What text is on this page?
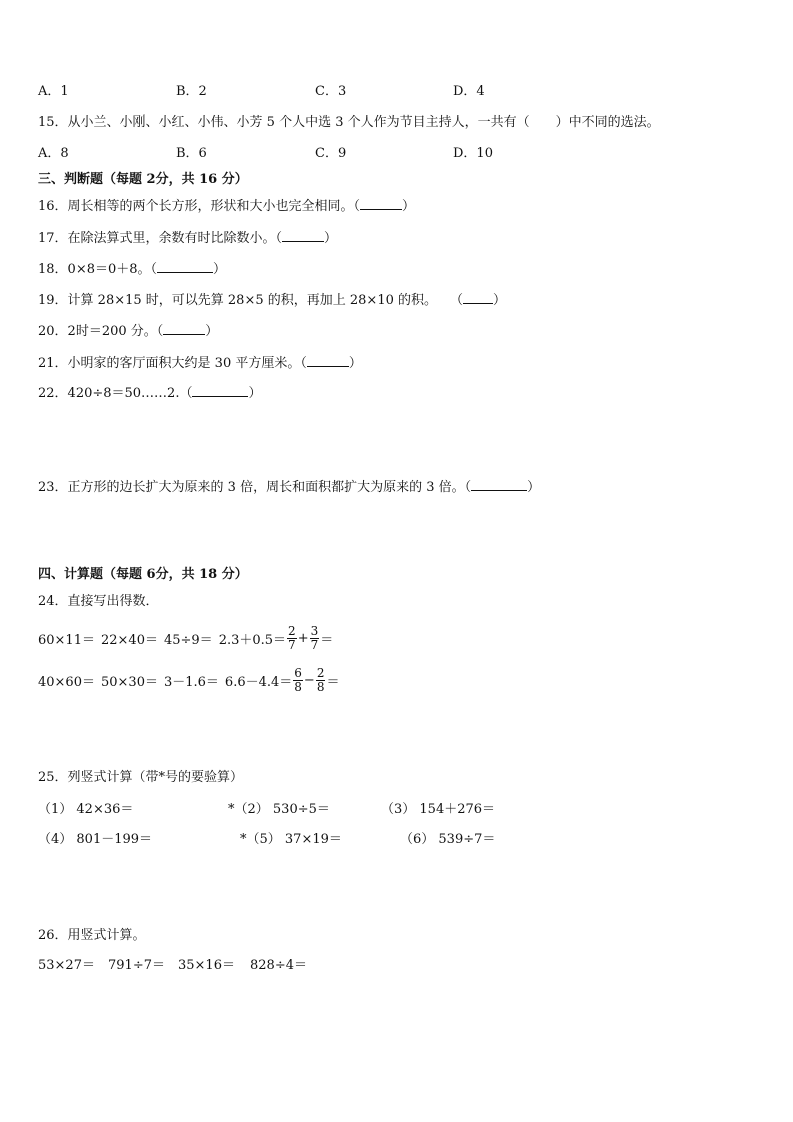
A．1	B．2	C．3	D．4
15．从小兰、小刚、小红、小伟、小芳 5 个人中选 3 个人作为节目主持人，一共有（　　）中不同的选法。
A．8	B．6	C．9	D．10
三、判断题（每题 2分，共 16 分）
16．周长相等的两个长方形，形状和大小也完全相同。（	）
17．在除法算式里，余数有时比除数小。（	）
18．0×8＝0＋8。（	）
19．计算 28×15 时，可以先算 28×5 的积，再加上 28×10 的积。　　（ ）
20．2时＝200 分。（	）
21．小明家的客厅面积大约是 30 平方厘米。（	）
22．420÷8＝50……2.（	）
23．正方形的边长扩大为原来的 3 倍，周长和面积都扩大为原来的 3 倍。（	）
四、计算题（每题 6分，共 18 分）
24．直接写出得数．
$60\times 11= 22\times 40= 45\div 9= 2.3+0.5= \frac{2}{7} + \frac{3}{7}$ ＝
$40\times 60= 50\times 30= 3-1.6= 6.6-4.4= \frac{6}{8} - \frac{2}{8}$ ＝
25．列竖式计算（带*号的要验算）
（1） 42×36＝	*（2） 530÷5＝	（3） 154＋276＝
（4） 801－199＝	*（5） 37×19＝	（6） 539÷7＝
26．用竖式计算。
53×27＝ 791÷7＝ 35×16＝ 828÷4＝
